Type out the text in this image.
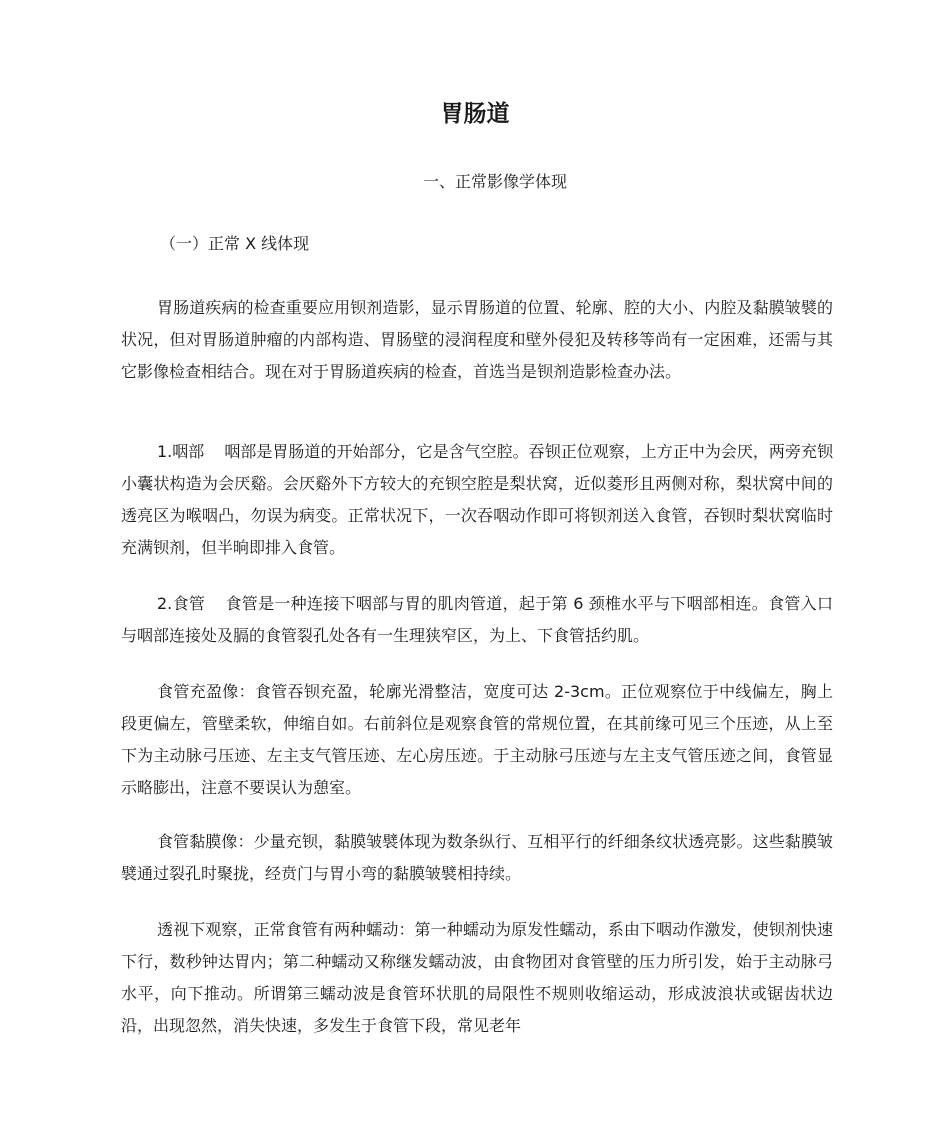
胃肠道
一、正常影像学体现
（一）正常 X 线体现

胃肠道疾病的检查重要应用钡剂造影，显示胃肠道的位置、轮廓、腔的大小、内腔及黏膜皱襞的状况，但对胃肠道肿瘤的内部构造、胃肠壁的浸润程度和壁外侵犯及转移等尚有一定困难，还需与其它影像检查相结合。现在对于胃肠道疾病的检查，首选当是钡剂造影检查办法。

1.咽部 咽部是胃肠道的开始部分，它是含气空腔。吞钡正位观察，上方正中为会厌，两旁充钡小囊状构造为会厌谿。会厌谿外下方较大的充钡空腔是梨状窝，近似菱形且两侧对称，梨状窝中间的透亮区为喉咽凸，勿误为病变。正常状况下，一次吞咽动作即可将钡剂送入食管，吞钡时梨状窝临时充满钡剂，但半晌即排入食管。

2.食管 食管是一种连接下咽部与胃的肌肉管道，起于第 6 颈椎水平与下咽部相连。食管入口与咽部连接处及膈的食管裂孔处各有一生理狭窄区，为上、下食管括约肌。

食管充盈像：食管吞钡充盈，轮廓光滑整洁，宽度可达 2-3cm。正位观察位于中线偏左，胸上段更偏左，管壁柔软，伸缩自如。右前斜位是观察食管的常规位置，在其前缘可见三个压迹，从上至下为主动脉弓压迹、左主支气管压迹、左心房压迹。于主动脉弓压迹与左主支气管压迹之间，食管显示略膨出，注意不要误认为憩室。

食管黏膜像：少量充钡，黏膜皱襞体现为数条纵行、互相平行的纤细条纹状透亮影。这些黏膜皱襞通过裂孔时聚拢，经贲门与胃小弯的黏膜皱襞相持续。

透视下观察，正常食管有两种蠕动：第一种蠕动为原发性蠕动，系由下咽动作激发，使钡剂快速下行，数秒钟达胃内；第二种蠕动又称继发蠕动波，由食物团对食管壁的压力所引发，始于主动脉弓水平，向下推动。所谓第三蠕动波是食管环状肌的局限性不规则收缩运动，形成波浪状或锯齿状边沿，出现忽然，消失快速，多发生于食管下段，常见老年
